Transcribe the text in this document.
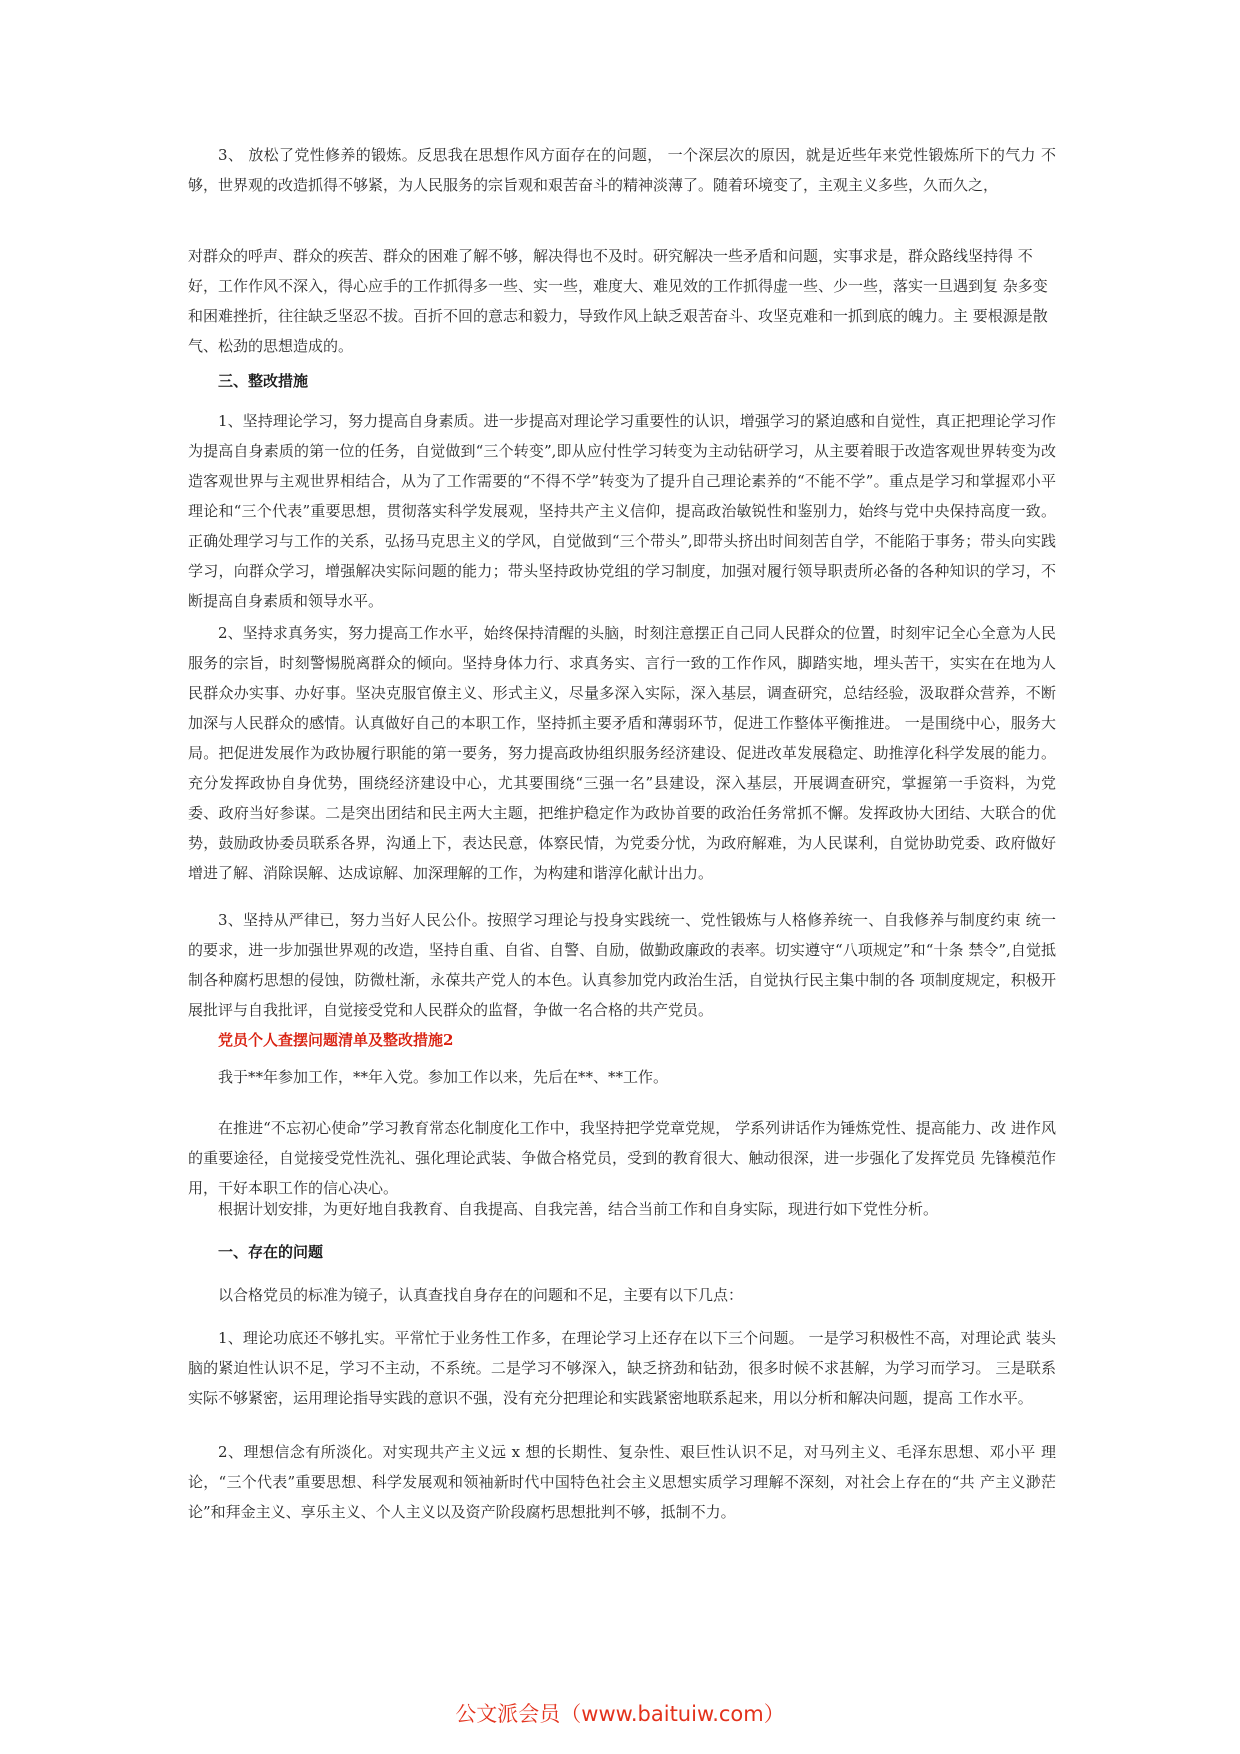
3、 放松了党性修养的锻炼。反思我在思想作风方面存在的问题， 一个深层次的原因，就是近些年来党性锻炼所下的气力 不够，世界观的改造抓得不够紧，为人民服务的宗旨观和艰苦奋斗的精神淡薄了。随着环境变了，主观主义多些，久而久之，

对群众的呼声、群众的疾苦、群众的困难了解不够，解决得也不及时。研究解决一些矛盾和问题，实事求是，群众路线坚持得 不好，工作作风不深入，得心应手的工作抓得多一些、实一些，难度大、难见效的工作抓得虚一些、少一些，落实一旦遇到复 杂多变和困难挫折，往往缺乏坚忍不拔。百折不回的意志和毅力，导致作风上缺乏艰苦奋斗、攻坚克难和一抓到底的魄力。主 要根源是散气、松劲的思想造成的。

三、整改措施

1、坚持理论学习，努力提高自身素质。进一步提高对理论学习重要性的认识，增强学习的紧迫感和自觉性，真正把理论学习作为提高自身素质的第一位的任务，自觉做到“三个转变”,即从应付性学习转变为主动钻研学习，从主要着眼于改造客观世界转变为改造客观世界与主观世界相结合，从为了工作需要的“不得不学”转变为了提升自己理论素养的“不能不学”。重点是学习和掌握邓小平理论和“三个代表”重要思想，贯彻落实科学发展观，坚持共产主义信仰，提高政治敏锐性和鉴别力，始终与党中央保持高度一致。正确处理学习与工作的关系，弘扬马克思主义的学风，自觉做到“三个带头”,即带头挤出时间刻苦自学，不能陷于事务；带头向实践学习，向群众学习，增强解决实际问题的能力；带头坚持政协党组的学习制度，加强对履行领导职责所必备的各种知识的学习，不断提高自身素质和领导水平。

2、坚持求真务实，努力提高工作水平，始终保持清醒的头脑，时刻注意摆正自己同人民群众的位置，时刻牢记全心全意为人民服务的宗旨，时刻警惕脱离群众的倾向。坚持身体力行、求真务实、言行一致的工作作风，脚踏实地，埋头苦干，实实在在地为人民群众办实事、办好事。坚决克服官僚主义、形式主义，尽量多深入实际，深入基层，调查研究，总结经验，汲取群众营养，不断加深与人民群众的感情。认真做好自己的本职工作，坚持抓主要矛盾和薄弱环节，促进工作整体平衡推进。 一是围绕中心，服务大局。把促进发展作为政协履行职能的第一要务，努力提高政协组织服务经济建设、促进改革发展稳定、助推淳化科学发展的能力。充分发挥政协自身优势，围绕经济建设中心，尤其要围绕“三强一名”县建设，深入基层，开展调查研究，掌握第一手资料，为党委、政府当好参谋。二是突出团结和民主两大主题，把维护稳定作为政协首要的政治任务常抓不懈。发挥政协大团结、大联合的优势，鼓励政协委员联系各界，沟通上下，表达民意，体察民情，为党委分忧，为政府解难，为人民谋利，自觉协助党委、政府做好增进了解、消除误解、达成谅解、加深理解的工作，为构建和谐淳化献计出力。

3、坚持从严律已，努力当好人民公仆。按照学习理论与投身实践统一、党性锻炼与人格修养统一、自我修养与制度约束 统一的要求，进一步加强世界观的改造，坚持自重、自省、自警、自励，做勤政廉政的表率。切实遵守“八项规定”和“十条 禁令”,自觉抵制各种腐朽思想的侵蚀，防微杜渐，永葆共产党人的本色。认真参加党内政治生活，自觉执行民主集中制的各 项制度规定，积极开展批评与自我批评，自觉接受党和人民群众的监督，争做一名合格的共产党员。

党员个人查摆问题清单及整改措施2

我于**年参加工作，**年入党。参加工作以来，先后在**、**工作。

在推进“不忘初心使命”学习教育常态化制度化工作中，我坚持把学党章党规， 学系列讲话作为锤炼党性、提高能力、改 进作风的重要途径，自觉接受党性洗礼、强化理论武装、争做合格党员，受到的教育很大、触动很深，进一步强化了发挥党员 先锋模范作用，干好本职工作的信心决心。

根据计划安排，为更好地自我教育、自我提高、自我完善，结合当前工作和自身实际，现进行如下党性分析。

一、存在的问题

以合格党员的标准为镜子，认真查找自身存在的问题和不足，主要有以下几点：

1、理论功底还不够扎实。平常忙于业务性工作多，在理论学习上还存在以下三个问题。 一是学习积极性不高，对理论武 装头脑的紧迫性认识不足，学习不主动，不系统。二是学习不够深入，缺乏挤劲和钻劲，很多时候不求甚解，为学习而学习。 三是联系实际不够紧密，运用理论指导实践的意识不强，没有充分把理论和实践紧密地联系起来，用以分析和解决问题，提高 工作水平。

2、理想信念有所淡化。对实现共产主义远 x 想的长期性、复杂性、艰巨性认识不足，对马列主义、毛泽东思想、邓小平 理论，“三个代表”重要思想、科学发展观和领袖新时代中国特色社会主义思想实质学习理解不深刻，对社会上存在的“共 产主义渺茫论”和拜金主义、享乐主义、个人主义以及资产阶段腐朽思想批判不够，抵制不力。

公文派会员（www.baituiw.com）
